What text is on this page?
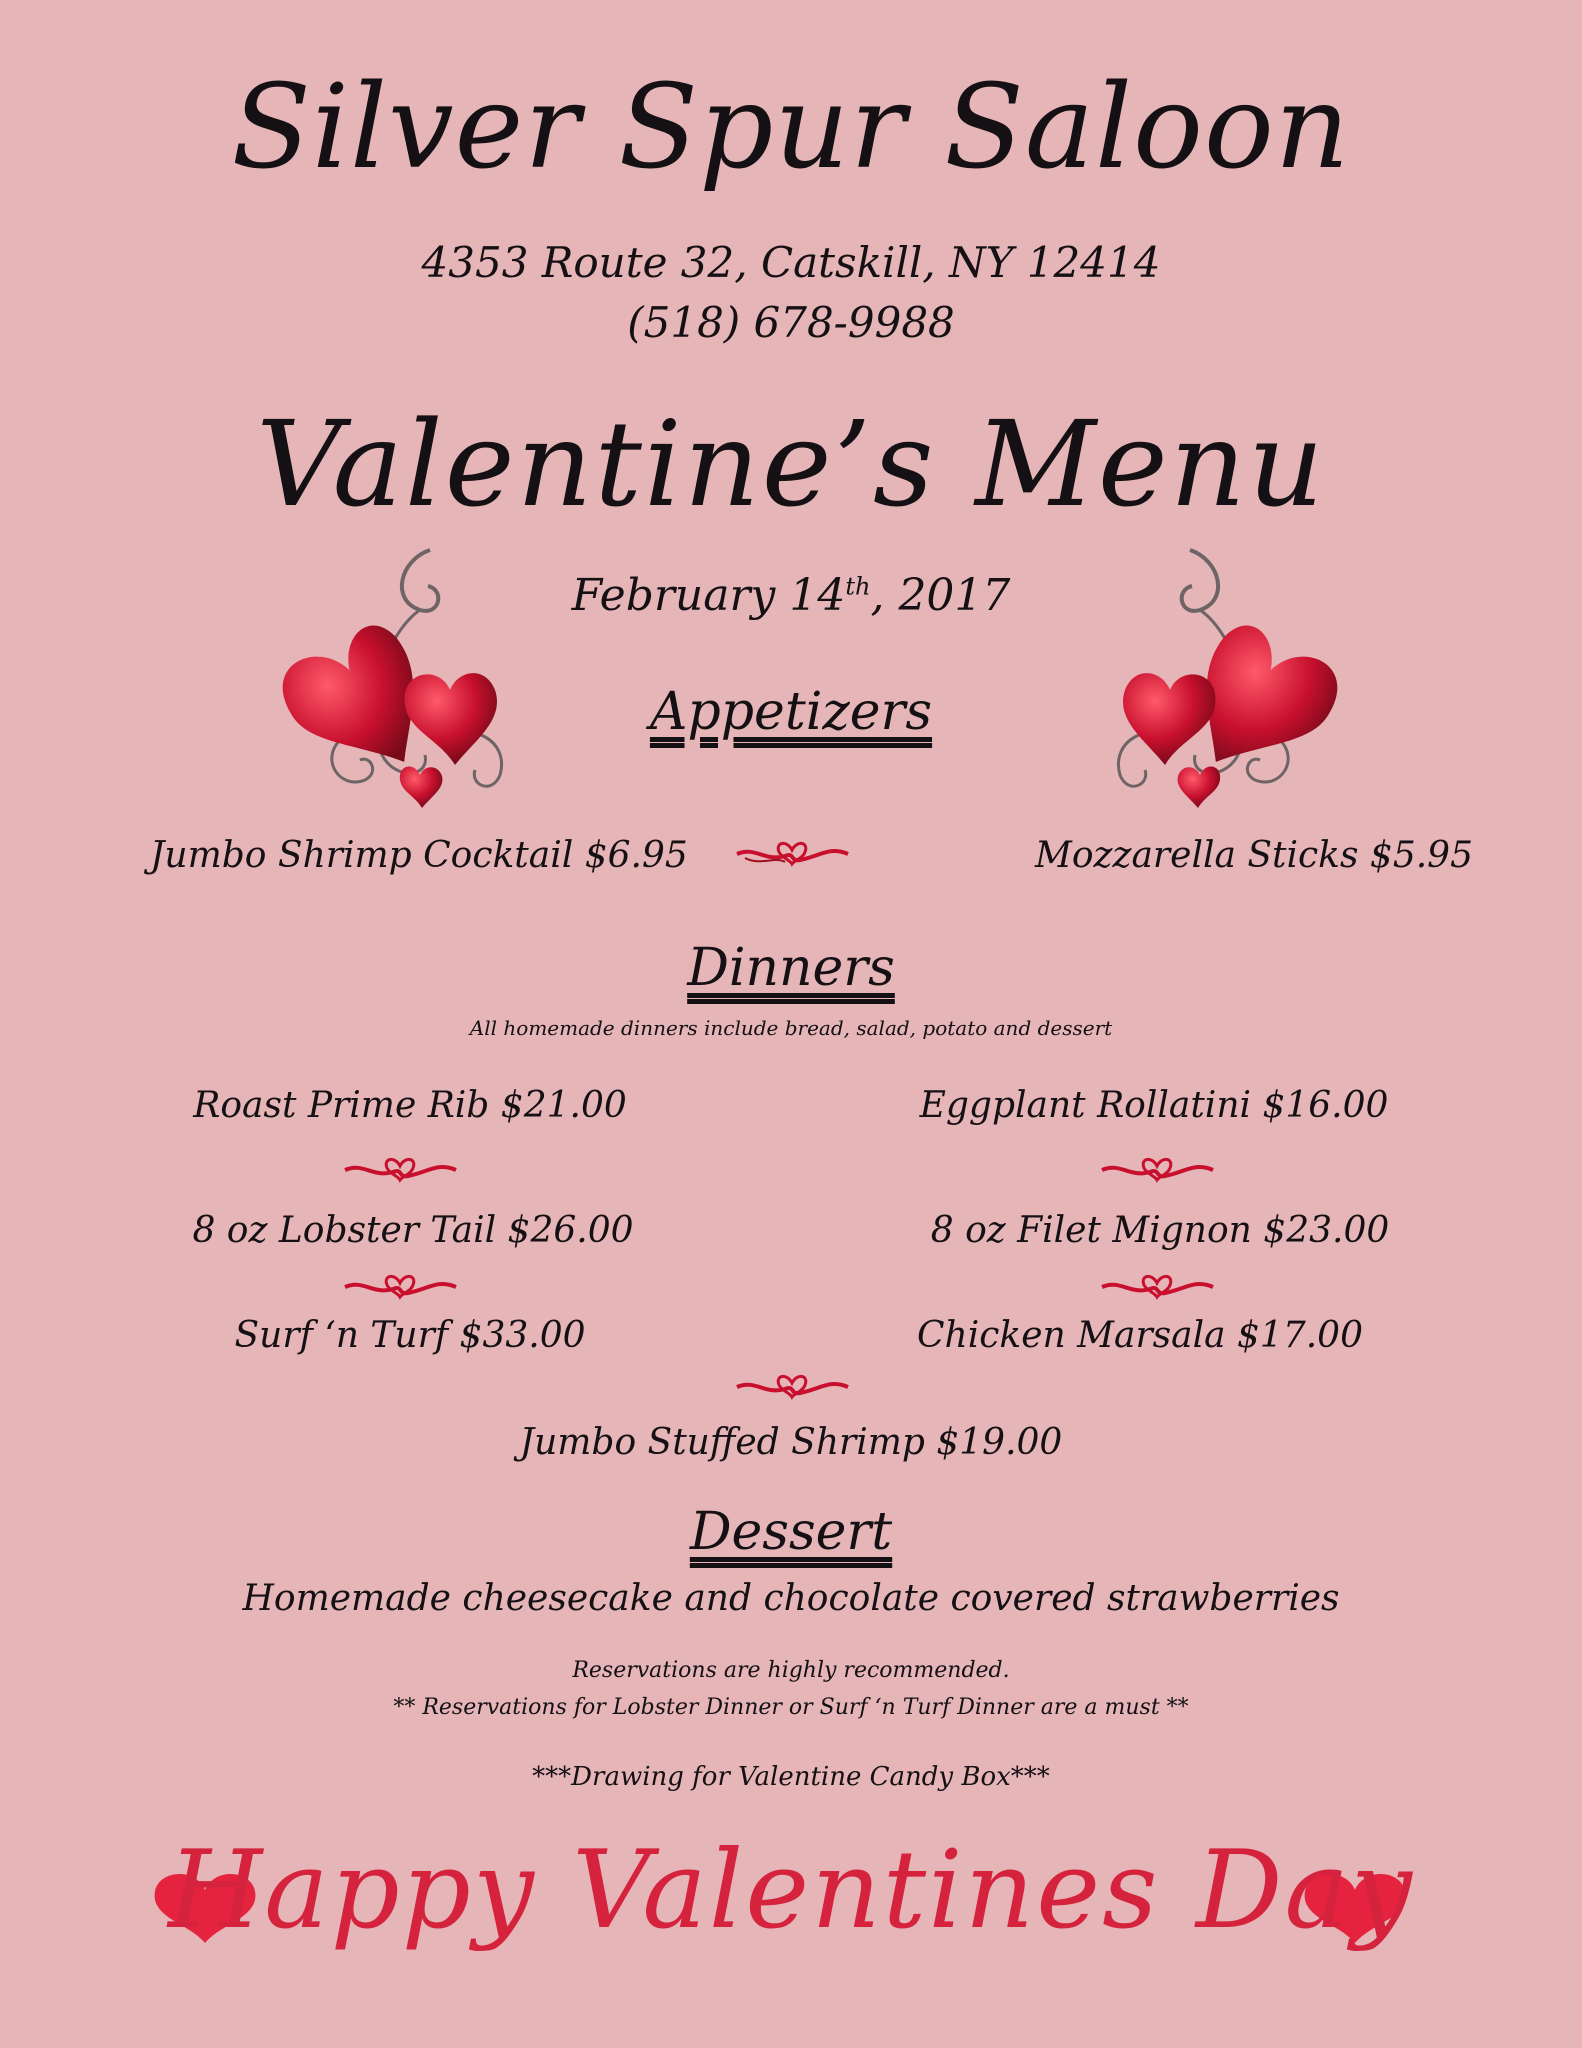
Silver Spur Saloon
4353 Route 32, Catskill, NY 12414
(518) 678-9988
Valentine’s Menu
February 14th, 2017
Appetizers
Jumbo Shrimp Cocktail $6.95	Mozzarella Sticks $5.95
Dinners
All homemade dinners include bread, salad, potato and dessert
Roast Prime Rib $21.00	Eggplant Rollatini $16.00
8 oz Lobster Tail $26.00	8 oz Filet Mignon $23.00
Surf ‘n Turf $33.00	Chicken Marsala $17.00
Jumbo Stuffed Shrimp $19.00
Dessert
Homemade cheesecake and chocolate covered strawberries
Reservations are highly recommended.
** Reservations for Lobster Dinner or Surf ‘n Turf Dinner are a must **
***Drawing for Valentine Candy Box***
Happy Valentines Day
